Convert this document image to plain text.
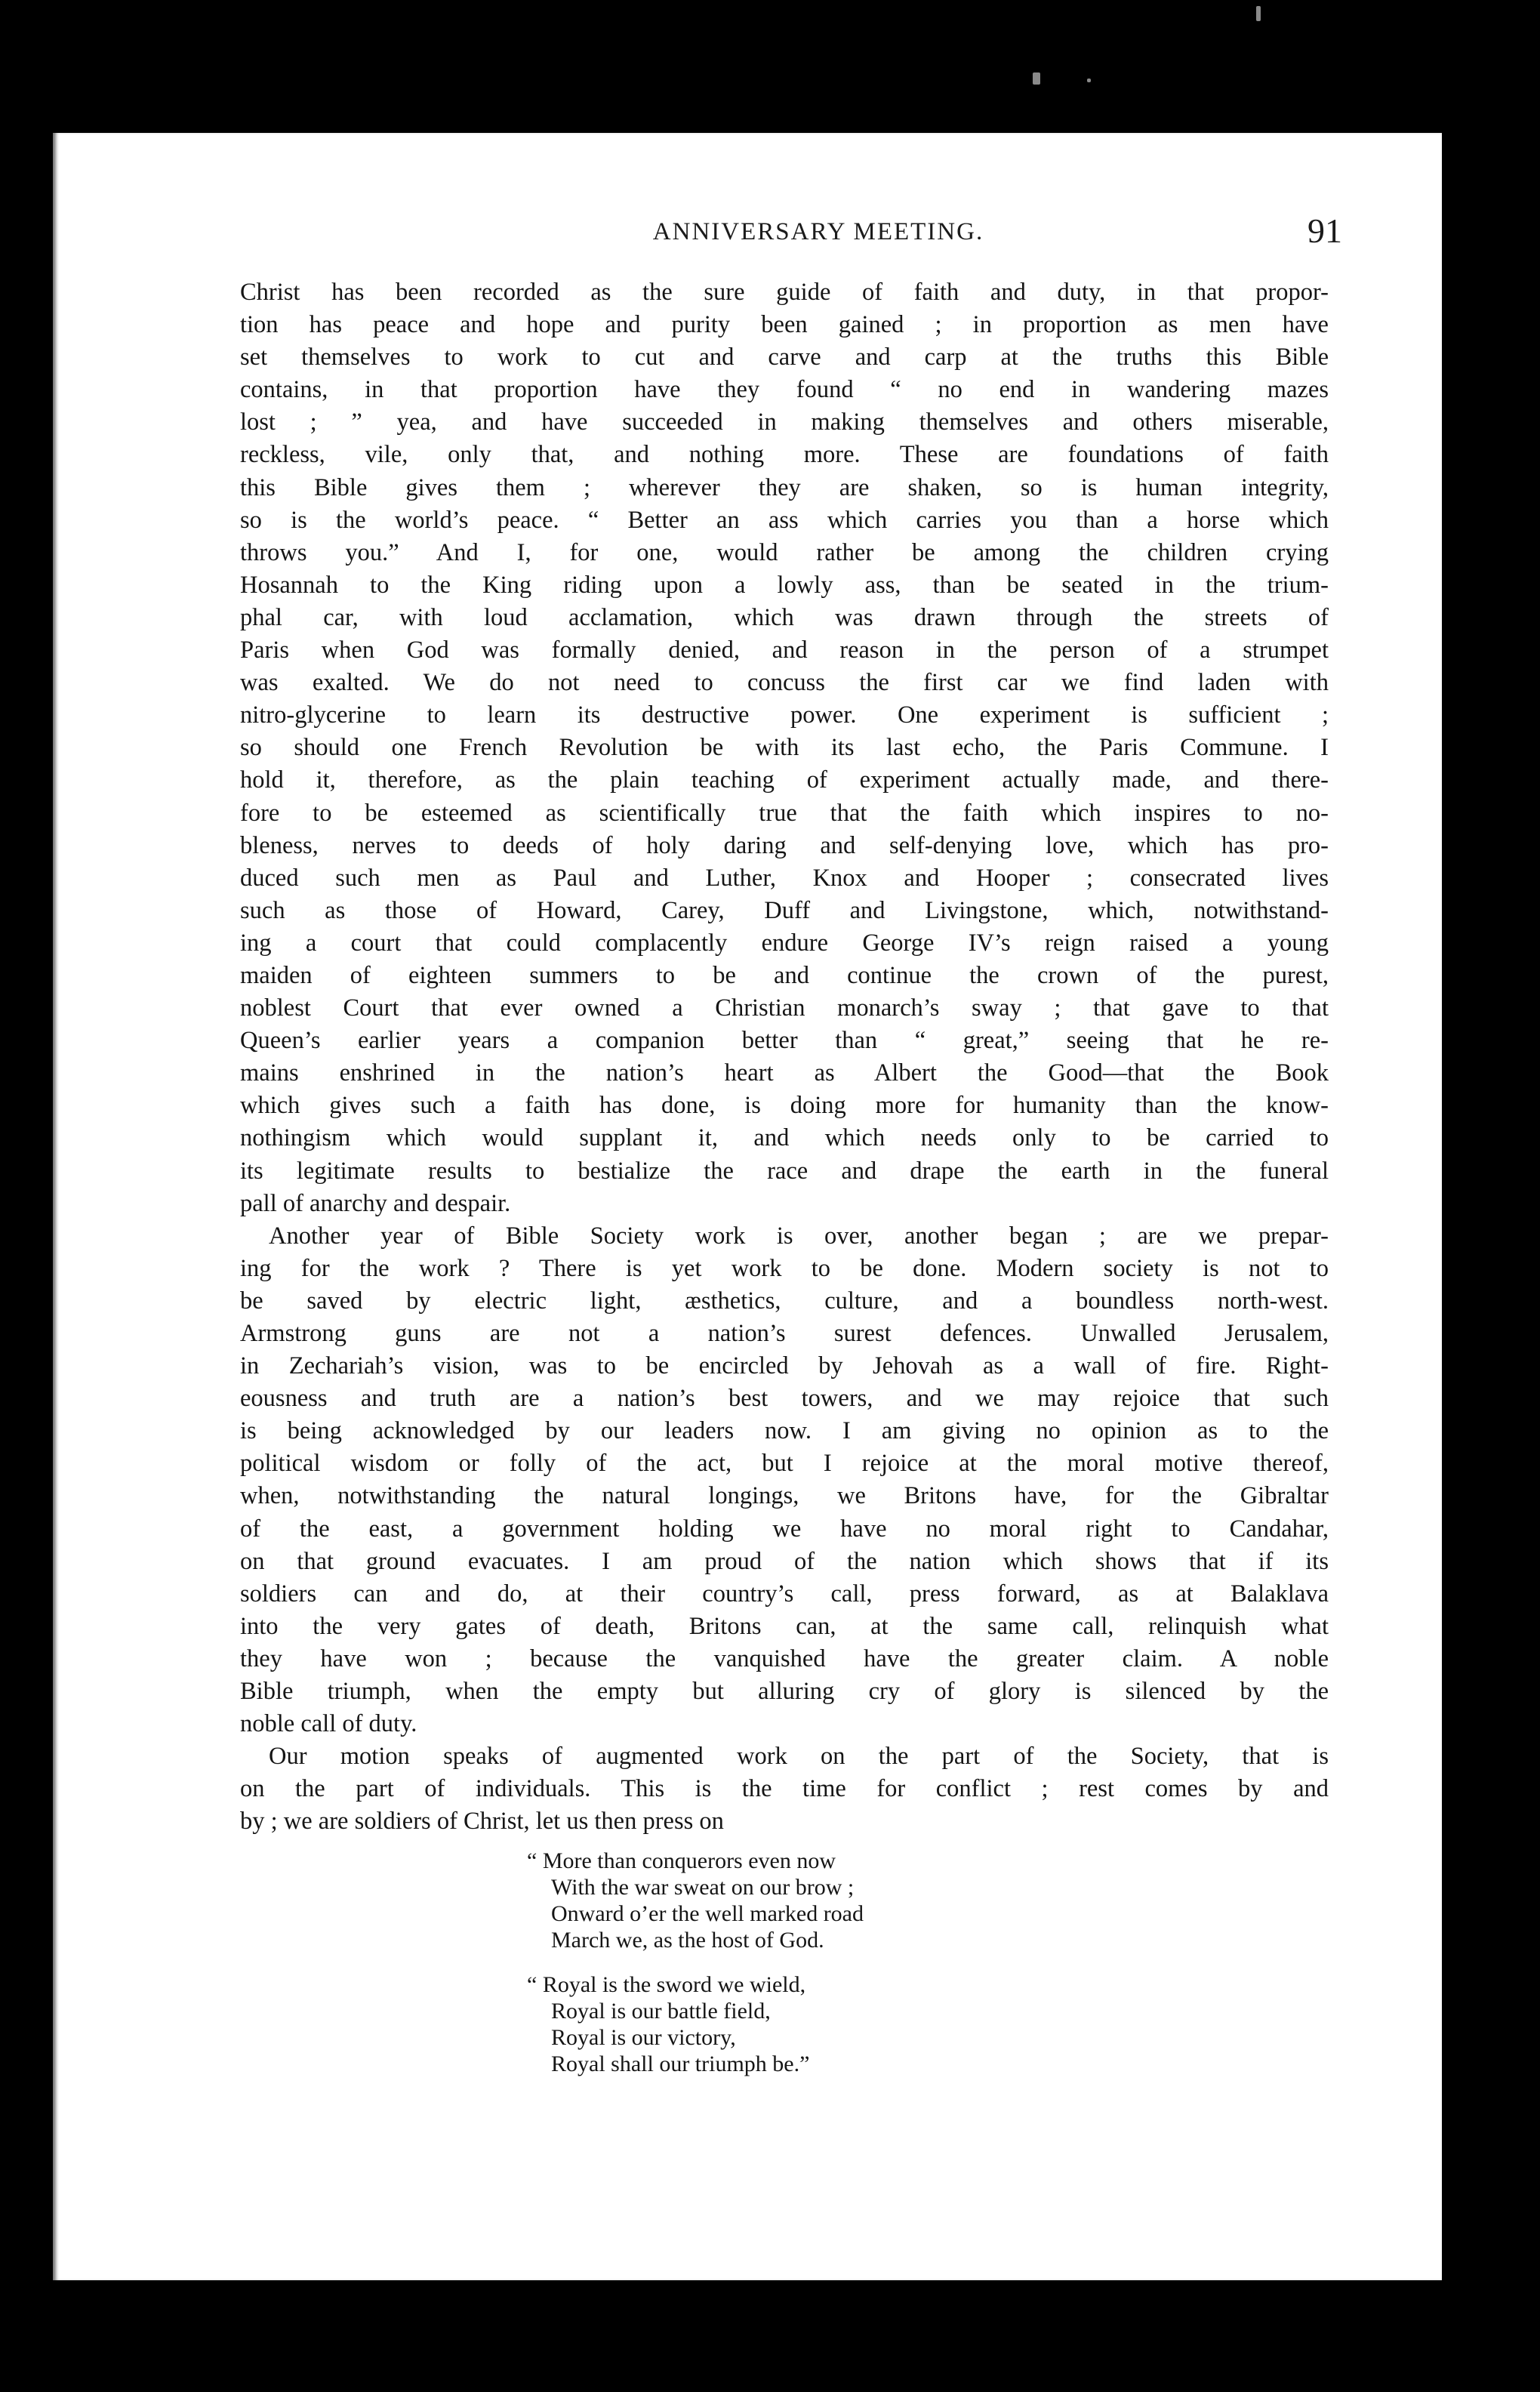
ANNIVERSARY MEETING.	91
Christ has been recorded as the sure guide of faith and duty, in that propor-
tion has peace and hope and purity been gained ; in proportion as men have
set themselves to work to cut and carve and carp at the truths this Bible
contains, in that proportion have they found “ no end in wandering mazes
lost ; ” yea, and have succeeded in making themselves and others miserable,
reckless, vile, only that, and nothing more. These are foundations of faith
this Bible gives them ; wherever they are shaken, so is human integrity,
so is the world’s peace. “ Better an ass which carries you than a horse which
throws you.” And I, for one, would rather be among the children crying
Hosannah to the King riding upon a lowly ass, than be seated in the trium-
phal car, with loud acclamation, which was drawn through the streets of
Paris when God was formally denied, and reason in the person of a strumpet
was exalted. We do not need to concuss the first car we find laden with
nitro-glycerine to learn its destructive power. One experiment is sufficient ;
so should one French Revolution be with its last echo, the Paris Commune. I
hold it, therefore, as the plain teaching of experiment actually made, and there-
fore to be esteemed as scientifically true that the faith which inspires to no-
bleness, nerves to deeds of holy daring and self-denying love, which has pro-
duced such men as Paul and Luther, Knox and Hooper ; consecrated lives
such as those of Howard, Carey, Duff and Livingstone, which, notwithstand-
ing a court that could complacently endure George IV’s reign raised a young
maiden of eighteen summers to be and continue the crown of the purest,
noblest Court that ever owned a Christian monarch’s sway ; that gave to that
Queen’s earlier years a companion better than “ great,” seeing that he re-
mains enshrined in the nation’s heart as Albert the Good—that the Book
which gives such a faith has done, is doing more for humanity than the know-
nothingism which would supplant it, and which needs only to be carried to
its legitimate results to bestialize the race and drape the earth in the funeral
pall of anarchy and despair.
Another year of Bible Society work is over, another began ; are we prepar-
ing for the work ? There is yet work to be done. Modern society is not to
be saved by electric light, æsthetics, culture, and a boundless north-west.
Armstrong guns are not a nation’s surest defences. Unwalled Jerusalem,
in Zechariah’s vision, was to be encircled by Jehovah as a wall of fire. Right-
eousness and truth are a nation’s best towers, and we may rejoice that such
is being acknowledged by our leaders now. I am giving no opinion as to the
political wisdom or folly of the act, but I rejoice at the moral motive thereof,
when, notwithstanding the natural longings, we Britons have, for the Gibraltar
of the east, a government holding we have no moral right to Candahar,
on that ground evacuates. I am proud of the nation which shows that if its
soldiers can and do, at their country’s call, press forward, as at Balaklava
into the very gates of death, Britons can, at the same call, relinquish what
they have won ; because the vanquished have the greater claim. A noble
Bible triumph, when the empty but alluring cry of glory is silenced by the
noble call of duty.
Our motion speaks of augmented work on the part of the Society, that is
on the part of individuals. This is the time for conflict ; rest comes by and
by ; we are soldiers of Christ, let us then press on
“ More than conquerors even now
With the war sweat on our brow ;
Onward o’er the well marked road
March we, as the host of God.
“ Royal is the sword we wield,
Royal is our battle field,
Royal is our victory,
Royal shall our triumph be.”
